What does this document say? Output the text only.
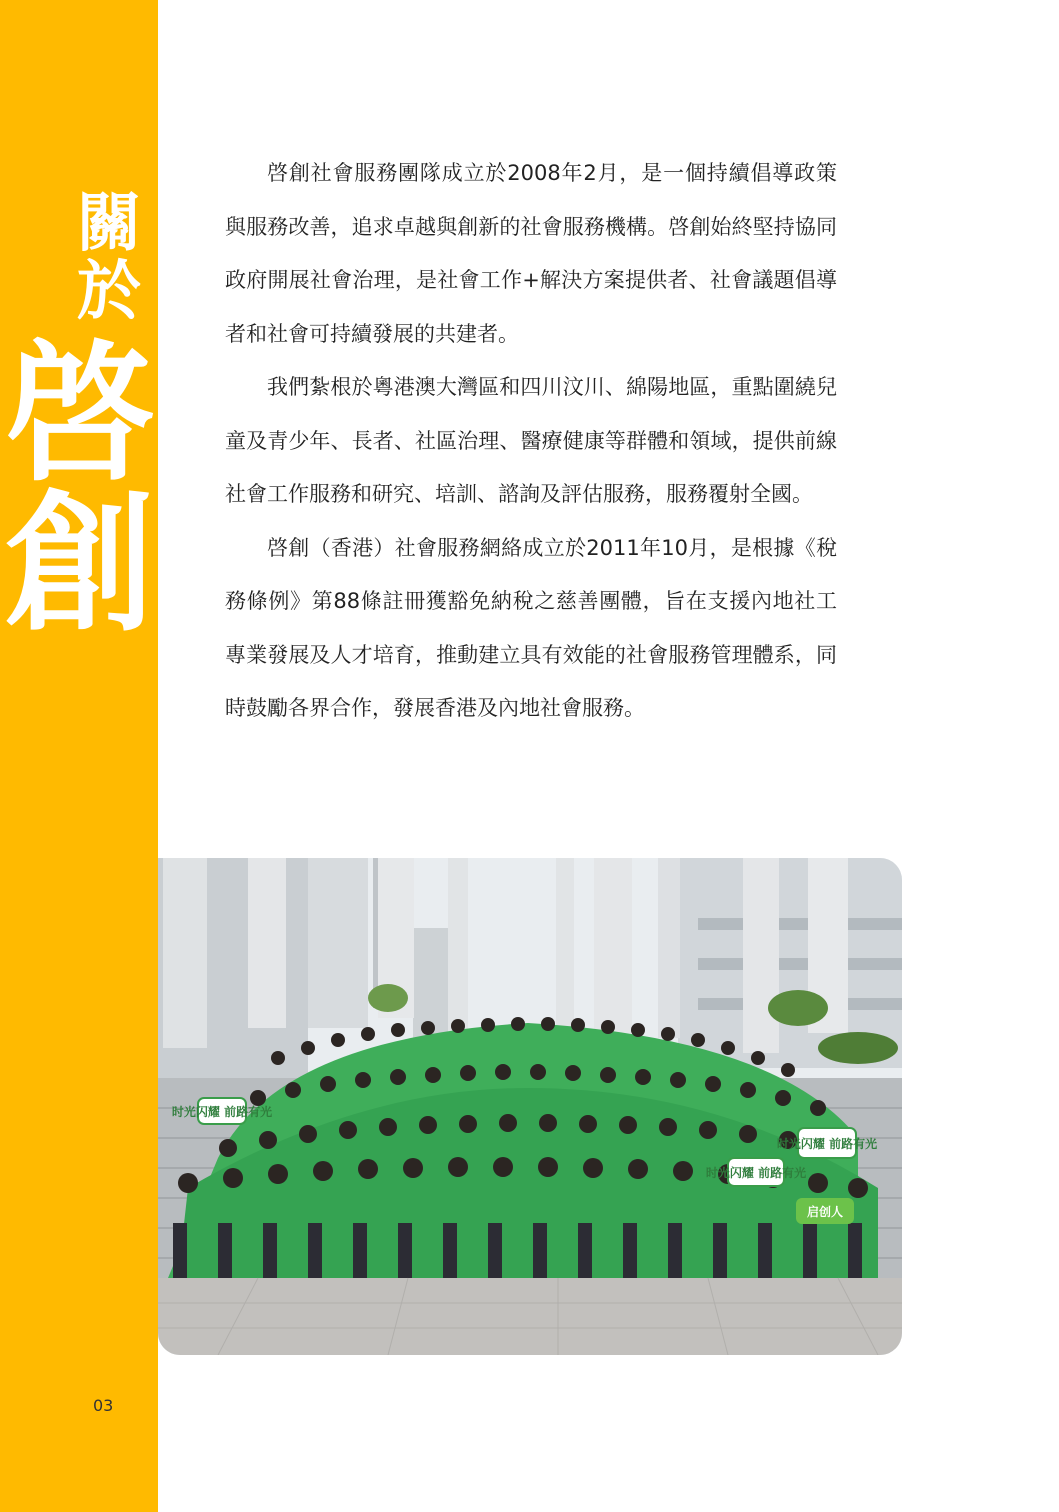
關
於
啓
創
03

啓創社會服務團隊成立於2008年2月，是一個持續倡導政策與服務改善，追求卓越與創新的社會服務機構。啓創始終堅持協同政府開展社會治理，是社會工作+解決方案提供者、社會議題倡導者和社會可持續發展的共建者。

我們紮根於粵港澳大灣區和四川汶川、綿陽地區，重點圍繞兒童及青少年、長者、社區治理、醫療健康等群體和領域，提供前線社會工作服務和研究、培訓、諮詢及評估服務，服務覆射全國。

啓創（香港）社會服務網絡成立於2011年10月，是根據《稅務條例》第88條註冊獲豁免納稅之慈善團體，旨在支援內地社工專業發展及人才培育，推動建立具有效能的社會服務管理體系，同時鼓勵各界合作，發展香港及內地社會服務。

时光闪耀 前路有光
时光闪耀 前路有光
时光闪耀 前路有光
启创人
